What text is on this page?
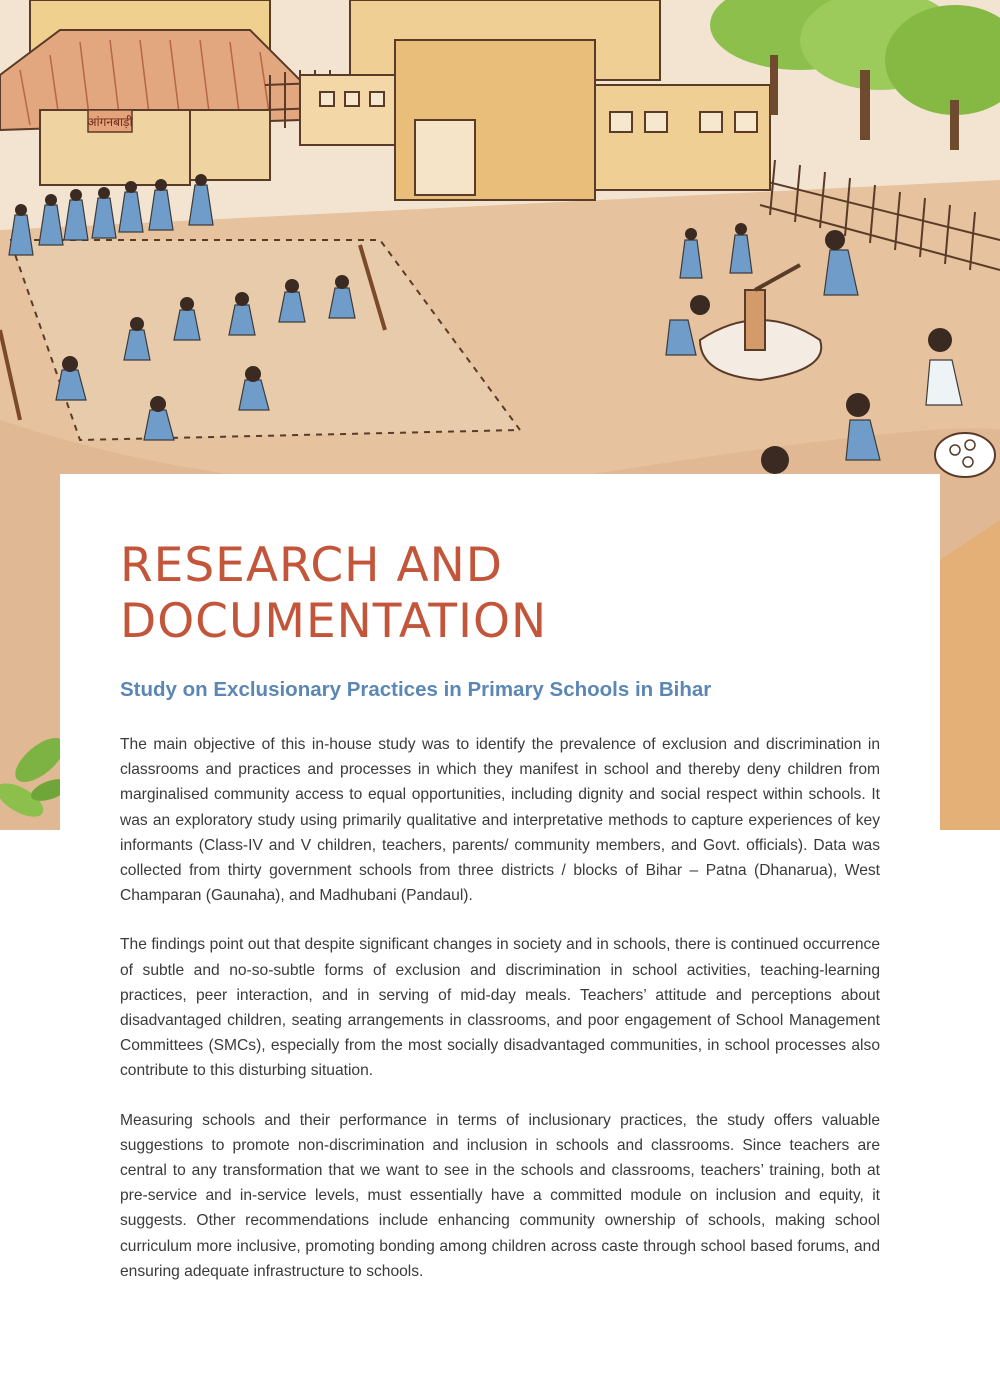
आंगनबाड़ी
RESEARCH AND
DOCUMENTATION
Study on Exclusionary Practices in Primary Schools in Bihar

The main objective of this in-house study was to identify the prevalence of exclusion and discrimination in classrooms and practices and processes in which they manifest in school and thereby deny children from marginalised community access to equal opportunities, including dignity and social respect within schools. It was an exploratory study using primarily qualitative and interpretative methods to capture experiences of key informants (Class-IV and V children, teachers, parents/ community members, and Govt. officials). Data was collected from thirty government schools from three districts / blocks of Bihar – Patna (Dhanarua), West Champaran (Gaunaha), and Madhubani (Pandaul).

The findings point out that despite significant changes in society and in schools, there is continued occurrence of subtle and no-so-subtle forms of exclusion and discrimination in school activities, teaching-learning practices, peer interaction, and in serving of mid-day meals. Teachers’ attitude and perceptions about disadvantaged children, seating arrangements in classrooms, and poor engagement of School Management Committees (SMCs), especially from the most socially disadvantaged communities, in school processes also contribute to this disturbing situation.

Measuring schools and their performance in terms of inclusionary practices, the study offers valuable suggestions to promote non-discrimination and inclusion in schools and classrooms. Since teachers are central to any transformation that we want to see in the schools and classrooms, teachers’ training, both at pre-service and in-service levels, must essentially have a committed module on inclusion and equity, it suggests. Other recommendations include enhancing community ownership of schools, making school curriculum more inclusive, promoting bonding among children across caste through school based forums, and ensuring adequate infrastructure to schools.
